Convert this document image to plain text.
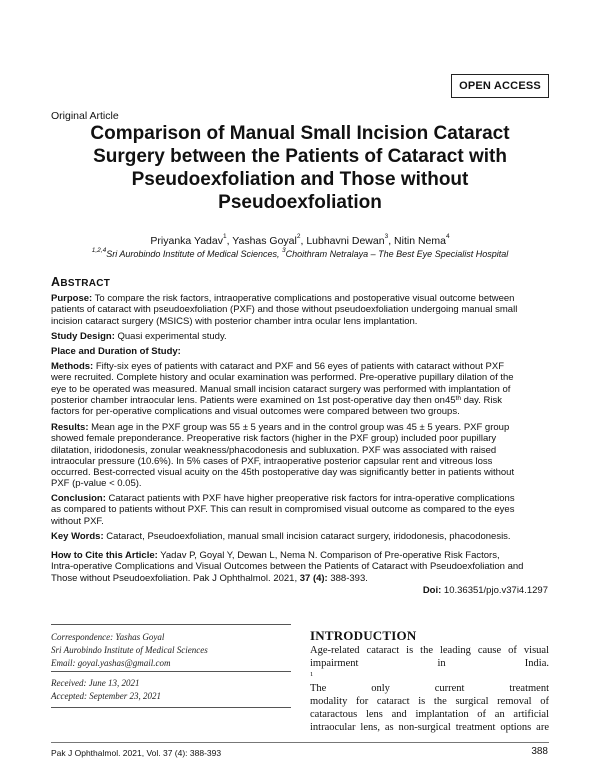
OPEN ACCESS
Original Article
Comparison of Manual Small Incision Cataract
Surgery between the Patients of Cataract with
Pseudoexfoliation and Those without
Pseudoexfoliation
Priyanka Yadav$^1$, Yashas Goyal$^2$, Lubhavni Dewan$^3$, Nitin Nema$^4$
$^{1,2,4}$Sri Aurobindo Institute of Medical Sciences, $^3$Choithram Netralaya – The Best Eye Specialist Hospital
ABSTRACT
Purpose: To compare the risk factors, intraoperative complications and postoperative visual outcome between
patients of cataract with pseudoexfoliation (PXF) and those without pseudoexfoliation undergoing manual small
incision cataract surgery (MSICS) with posterior chamber intra ocular lens implantation.
Study Design: Quasi experimental study.
Place and Duration of Study:
Methods: Fifty-six eyes of patients with cataract and PXF and 56 eyes of patients with cataract without PXF
were recruited. Complete history and ocular examination was performed. Pre-operative pupillary dilation of the
eye to be operated was measured. Manual small incision cataract surgery was performed with implantation of
posterior chamber intraocular lens. Patients were examined on 1st post-operative day then on45th day. Risk
factors for per-operative complications and visual outcomes were compared between two groups.
Results: Mean age in the PXF group was 55 ± 5 years and in the control group was 45 ± 5 years. PXF group
showed female preponderance. Preoperative risk factors (higher in the PXF group) included poor pupillary
dilatation, iridodonesis, zonular weakness/phacodonesis and subluxation. PXF was associated with raised
intraocular pressure (10.6%). In 5% cases of PXF, intraoperative posterior capsular rent and vitreous loss
occurred. Best-corrected visual acuity on the 45th postoperative day was significantly better in patients without
PXF (p-value < 0.05).
Conclusion: Cataract patients with PXF have higher preoperative risk factors for intra-operative complications
as compared to patients without PXF. This can result in compromised visual outcome as compared to the eyes
without PXF.
Key Words: Cataract, Pseudoexfoliation, manual small incision cataract surgery, iridodonesis, phacodonesis.
How to Cite this Article: Yadav P, Goyal Y, Dewan L, Nema N. Comparison of Pre-operative Risk Factors,
Intra-operative Complications and Visual Outcomes between the Patients of Cataract with Pseudoexfoliation and
Those without Pseudoexfoliation. Pak J Ophthalmol. 2021, 37 (4): 388-393.
Doi: 10.36351/pjo.v37i4.1297
Correspondence: Yashas Goyal
Sri Aurobindo Institute of Medical Sciences
Email: goyal.yashas@gmail.com
Received: June 13, 2021
Accepted: September 23, 2021
INTRODUCTION
Age-related cataract is the leading cause of visual
impairment in India.
$^1$
The only current treatment
modality for cataract is the surgical removal of
cataractous lens and implantation of an artificial
intraocular lens, as non-surgical treatment options are
Pak J Ophthalmol. 2021, Vol. 37 (4): 388-393	388
